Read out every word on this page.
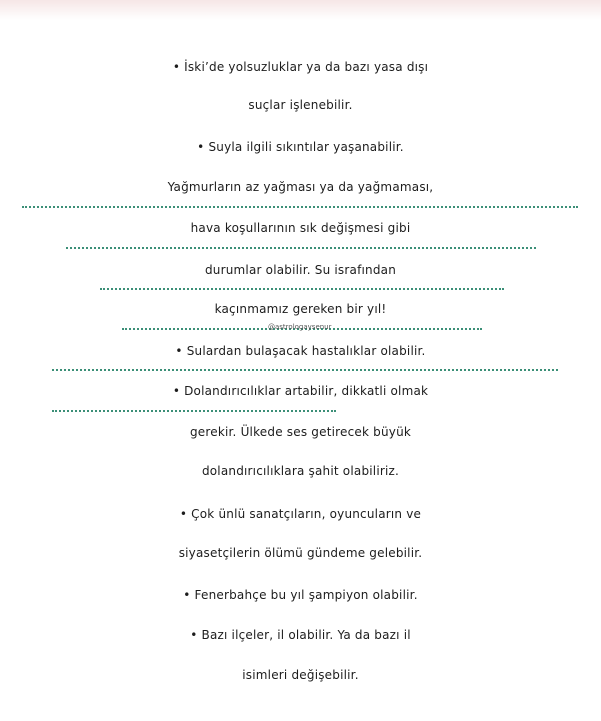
• İski’de yolsuzluklar ya da bazı yasa dışı
suçlar işlenebilir.
• Suyla ilgili sıkıntılar yaşanabilir.
Yağmurların az yağması ya da yağmaması,
hava koşullarının sık değişmesi gibi
durumlar olabilir. Su israfından
kaçınmamız gereken bir yıl!
• Sulardan bulaşacak hastalıklar olabilir.
• Dolandırıcılıklar artabilir, dikkatli olmak
gerekir. Ülkede ses getirecek büyük
dolandırıcılıklara şahit olabiliriz.
• Çok ünlü sanatçıların, oyuncuların ve
siyasetçilerin ölümü gündeme gelebilir.
• Fenerbahçe bu yıl şampiyon olabilir.
• Bazı ilçeler, il olabilir. Ya da bazı il
isimleri değişebilir.
@astrologaysenur
